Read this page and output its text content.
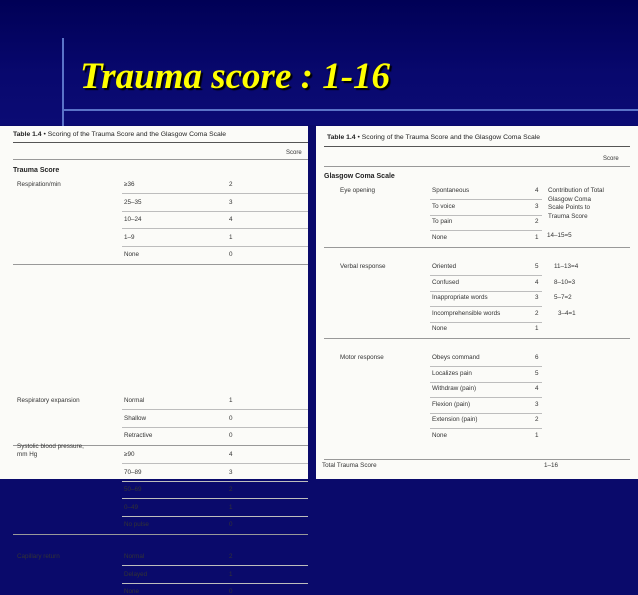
Trauma score : 1-16
Table 1.4 • Scoring of the Trauma Score and the Glasgow Coma Scale
Score
Trauma Score
Respiration/min	≥36	2
25–35	3
10–24	4
1–9	1
None	0
Respiratory expansion	Normal	1
Shallow	0
Retractive	0
Systolic blood pressure,
mm Hg	≥90	4
70–89	3
50–69	2
0–49	1
No pulse	0
Capillary return	Normal	2
Delayed	1
None	0
Table 1.4 • Scoring of the Trauma Score and the Glasgow Coma Scale
Score
Glasgow Coma Scale
Eye opening	Spontaneous	4
To voice	3
To pain	2
None	1
Verbal response	Oriented	5
Confused	4
Inappropriate words	3
Incomprehensible words	2
None	1
Motor response	Obeys command	6
Localizes pain	5
Withdraw (pain)	4
Flexion (pain)	3
Extension (pain)	2
None	1
Contribution of Total
Glasgow Coma
Scale Points to
Trauma Score
14–15=5
11–13=4
8–10=3
5–7=2
3–4=1
Total Trauma Score	1–16
